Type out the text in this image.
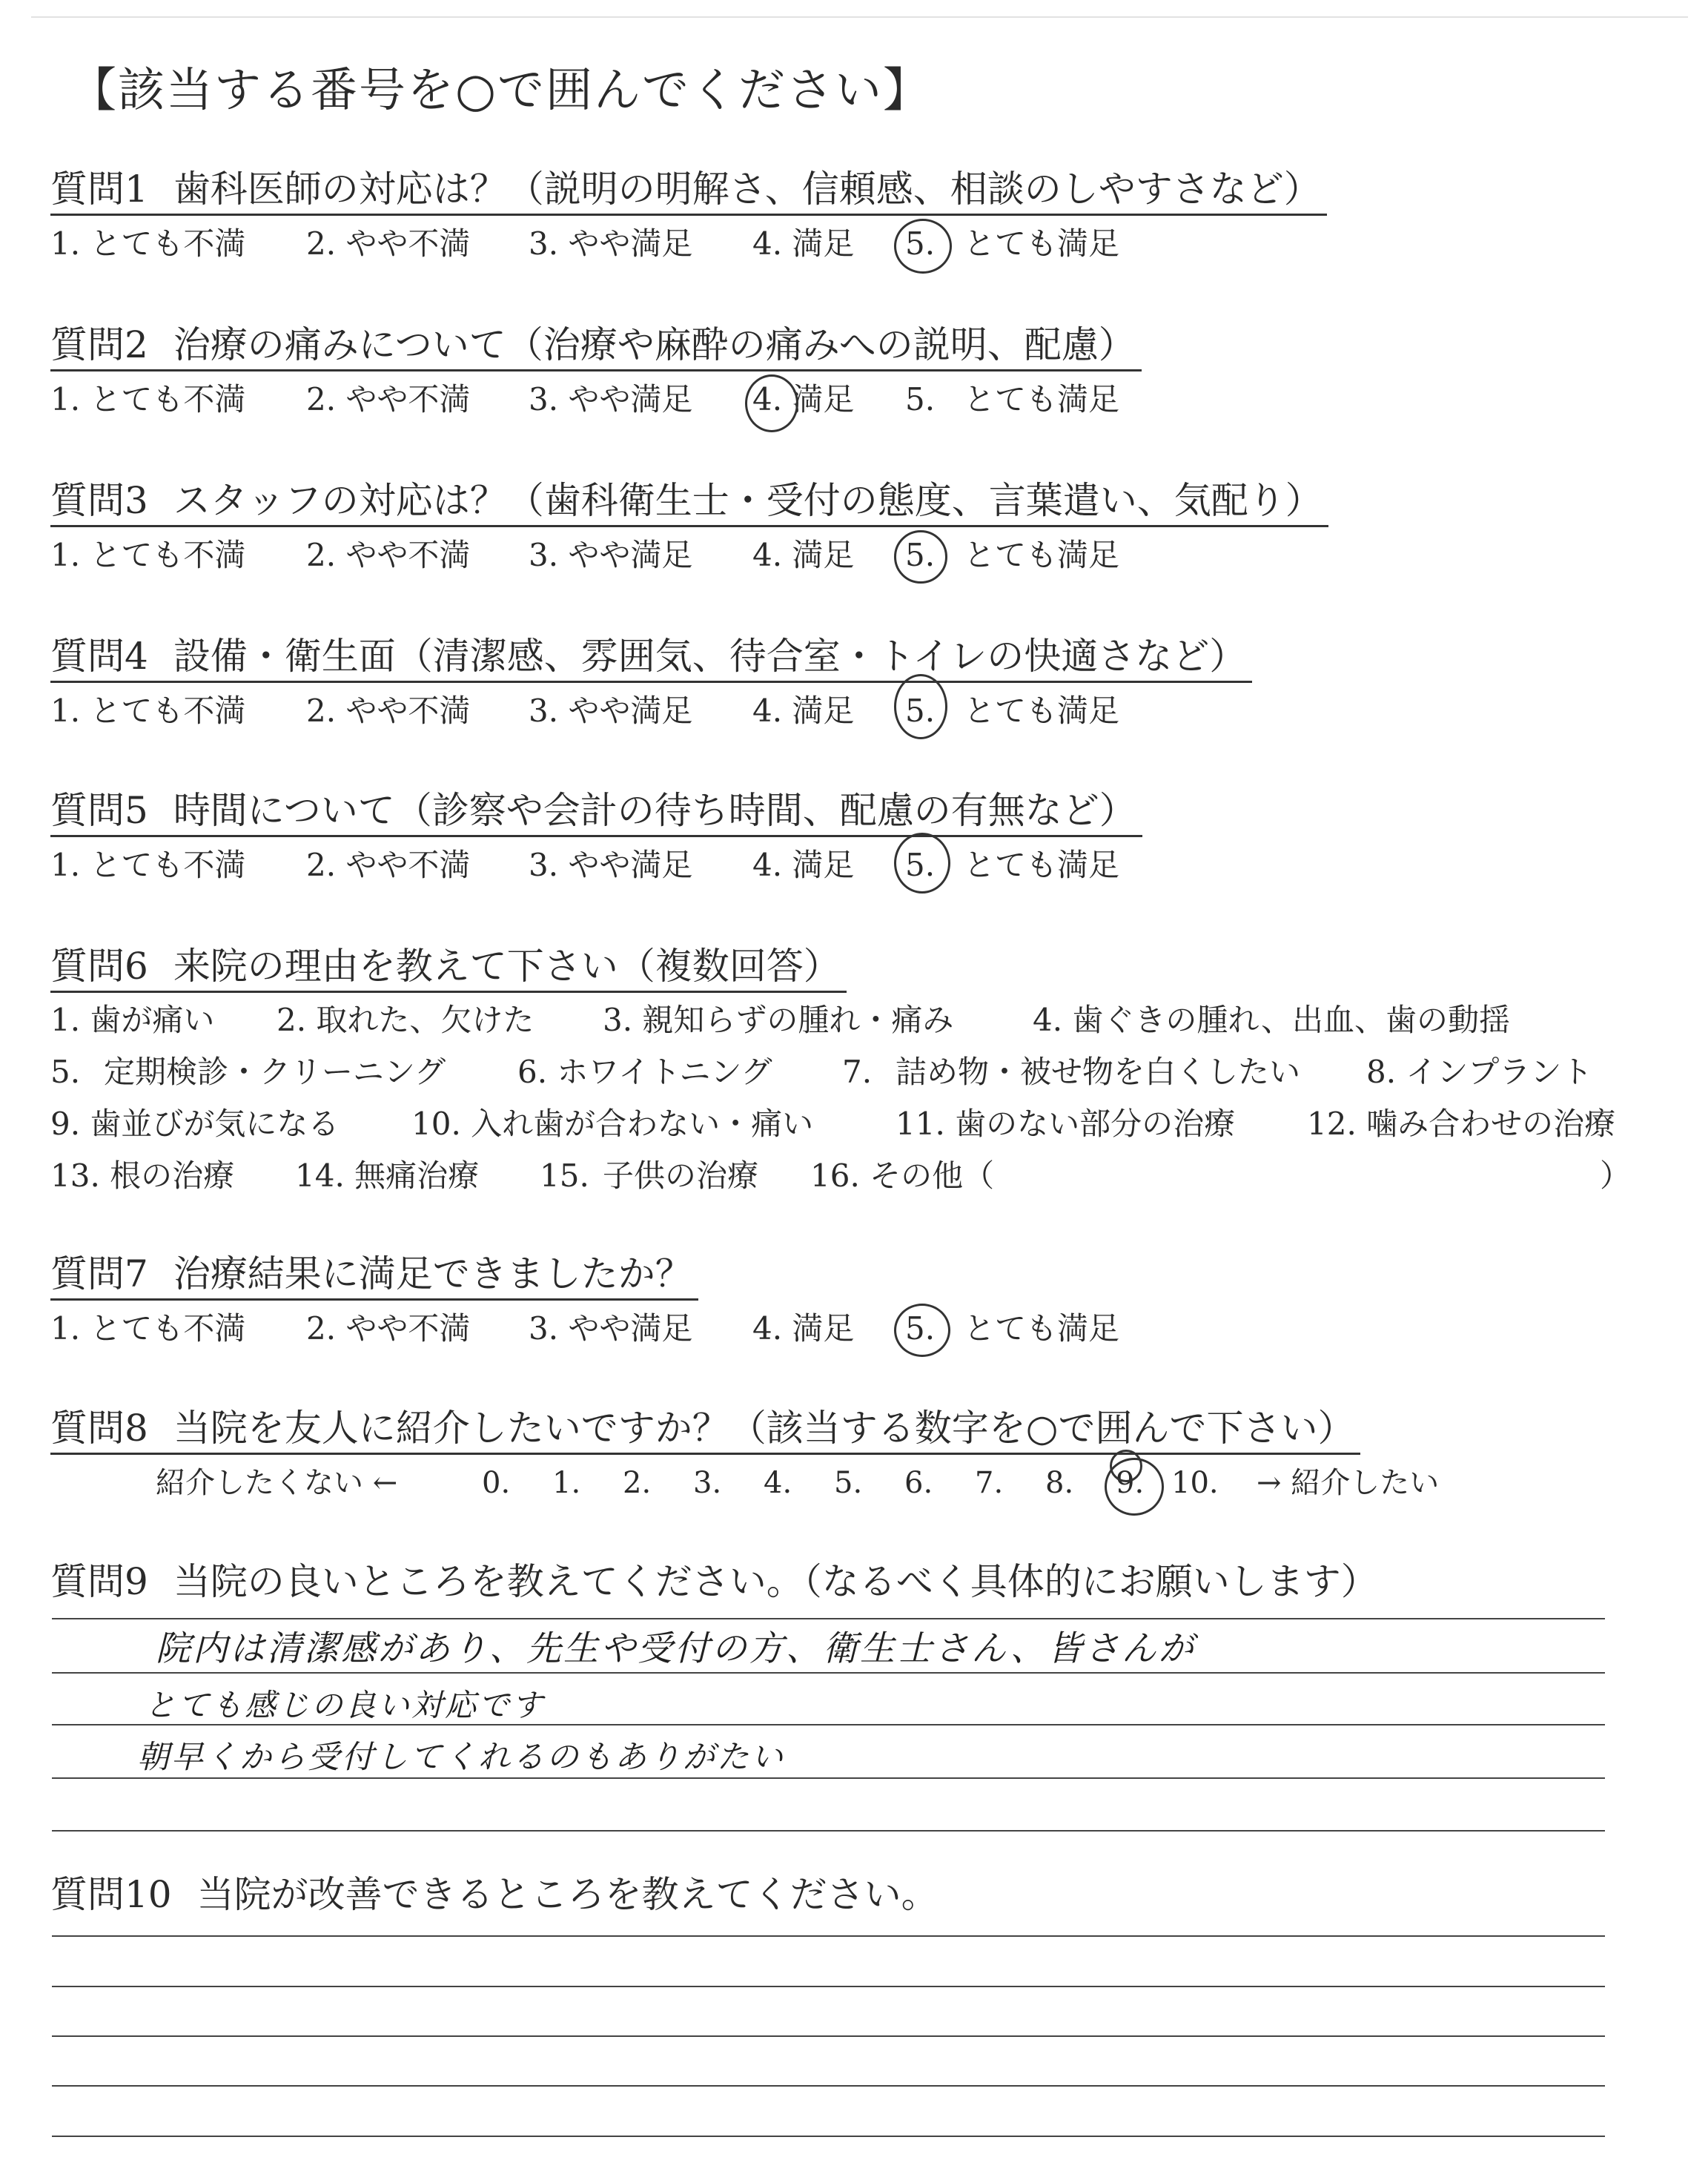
【該当する番号を○で囲んでください】
質問1 歯科医師の対応は？（説明の明解さ、信頼感、相談のしやすさなど）
1. とても不満 2. やや不満 3. やや満足 4. 満足 5. とても満足
質問2 治療の痛みについて（治療や麻酔の痛みへの説明、配慮）
1. とても不満 2. やや不満 3. やや満足 4. 満足 5. とても満足
質問3 スタッフの対応は？（歯科衛生士・受付の態度、言葉遣い、気配り）
1. とても不満 2. やや不満 3. やや満足 4. 満足 5. とても満足
質問4 設備・衛生面（清潔感、雰囲気、待合室・トイレの快適さなど）
1. とても不満 2. やや不満 3. やや満足 4. 満足 5. とても満足
質問5 時間について（診察や会計の待ち時間、配慮の有無など）
1. とても不満 2. やや不満 3. やや満足 4. 満足 5. とても満足
質問6 来院の理由を教えて下さい（複数回答）
1. 歯が痛い 2. 取れた、欠けた 3. 親知らずの腫れ・痛み	4. 歯ぐきの腫れ、出血、歯の動揺
5. 定期検診・クリーニング 6. ホワイトニング 7. 詰め物・被せ物を白くしたい 8. インプラント
9. 歯並びが気になる 10. 入れ歯が合わない・痛い	11. 歯のない部分の治療 12. 噛み合わせの治療
13. 根の治療 14. 無痛治療 15. 子供の治療 16. その他（	）
質問7 治療結果に満足できましたか？
1. とても不満 2. やや不満 3. やや満足 4. 満足 5. とても満足
質問8 当院を友人に紹介したいですか？（該当する数字を○で囲んで下さい）
紹介したくない ←	0. 1. 2. 3. 4. 5. 6. 7. 8. 9. 10. → 紹介したい
質問9 当院の良いところを教えてください。（なるべく具体的にお願いします）
院内は清潔感があり、先生や受付の方、衛生士さん、皆さんが
とても感じの良い対応です
朝早くから受付してくれるのもありがたい
質問10 当院が改善できるところを教えてください。
